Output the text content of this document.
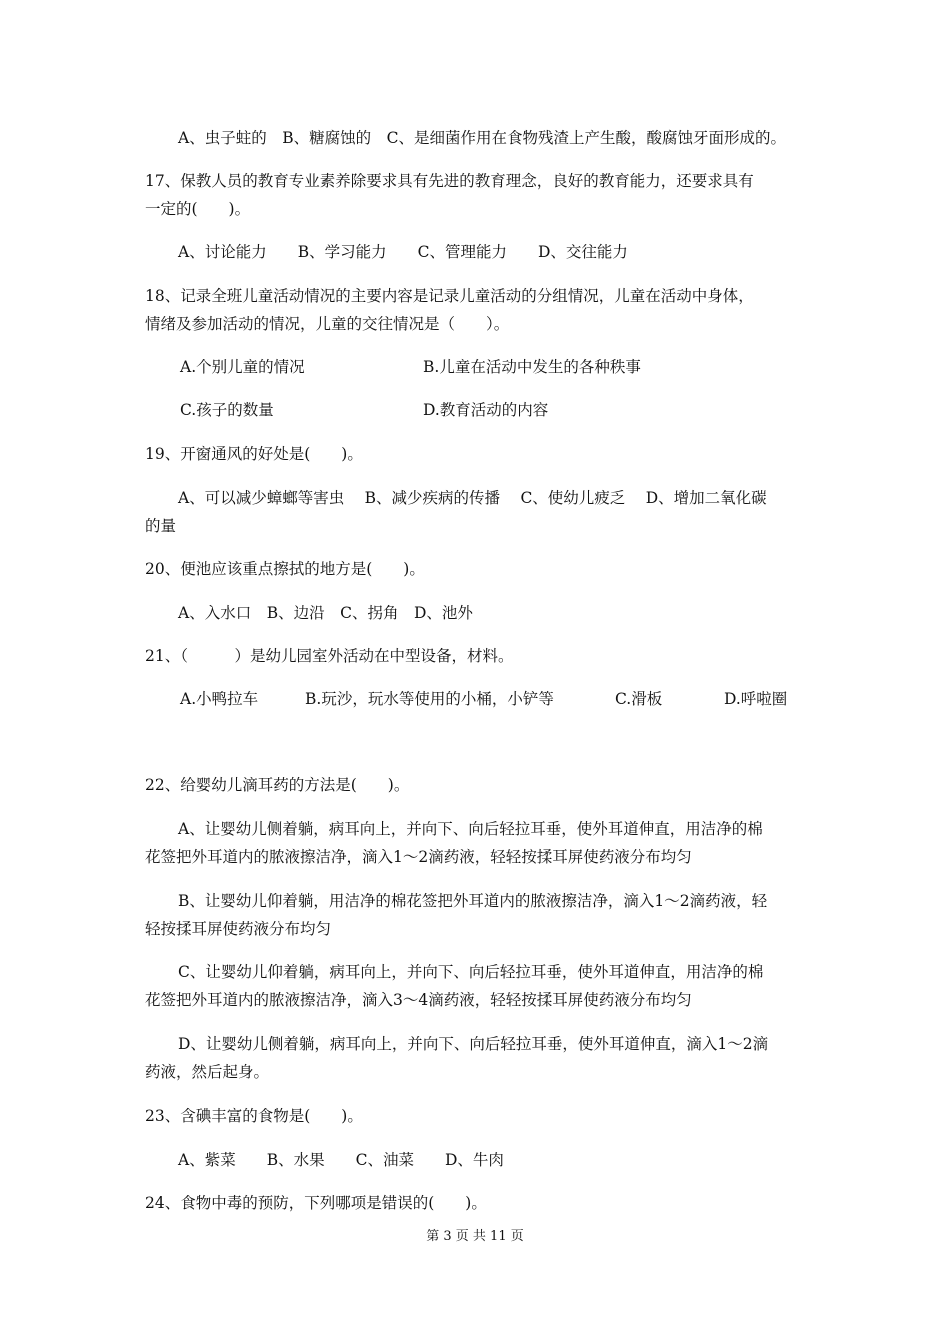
A、虫子蛀的　B、糖腐蚀的　C、是细菌作用在食物残渣上产生酸，酸腐蚀牙面形成的。
17、保教人员的教育专业素养除要求具有先进的教育理念，良好的教育能力，还要求具有
一定的(　　)。
A、讨论能力　　B、学习能力　　C、管理能力　　D、交往能力
18、记录全班儿童活动情况的主要内容是记录儿童活动的分组情况，儿童在活动中身体，
情绪及参加活动的情况，儿童的交往情况是（　　）。
A.个别儿童的情况	B.儿童在活动中发生的各种秩事
C.孩子的数量	D.教育活动的内容
19、开窗通风的好处是(　　)。
A、可以减少蟑螂等害虫　 B、减少疾病的传播　 C、使幼儿疲乏　 D、增加二氧化碳
的量
20、便池应该重点擦拭的地方是(　　)。
A、入水口　B、边沿　C、拐角　D、池外
21、（　　　）是幼儿园室外活动在中型设备，材料。
A.小鸭拉车	B.玩沙，玩水等使用的小桶，小铲等	C.滑板	D.呼啦圈
22、给婴幼儿滴耳药的方法是(　　)。
A、让婴幼儿侧着躺，病耳向上，并向下、向后轻拉耳垂，使外耳道伸直，用洁净的棉
花签把外耳道内的脓液擦洁净，滴入1～2滴药液，轻轻按揉耳屏使药液分布均匀
B、让婴幼儿仰着躺，用洁净的棉花签把外耳道内的脓液擦洁净，滴入1～2滴药液，轻
轻按揉耳屏使药液分布均匀
C、让婴幼儿仰着躺，病耳向上，并向下、向后轻拉耳垂，使外耳道伸直，用洁净的棉
花签把外耳道内的脓液擦洁净，滴入3～4滴药液，轻轻按揉耳屏使药液分布均匀
D、让婴幼儿侧着躺，病耳向上，并向下、向后轻拉耳垂，使外耳道伸直，滴入1～2滴
药液，然后起身。
23、含碘丰富的食物是(　　)。
A、紫菜　　B、水果　　C、油菜　　D、牛肉
24、食物中毒的预防，下列哪项是错误的(　　)。
第 3 页 共 11 页
